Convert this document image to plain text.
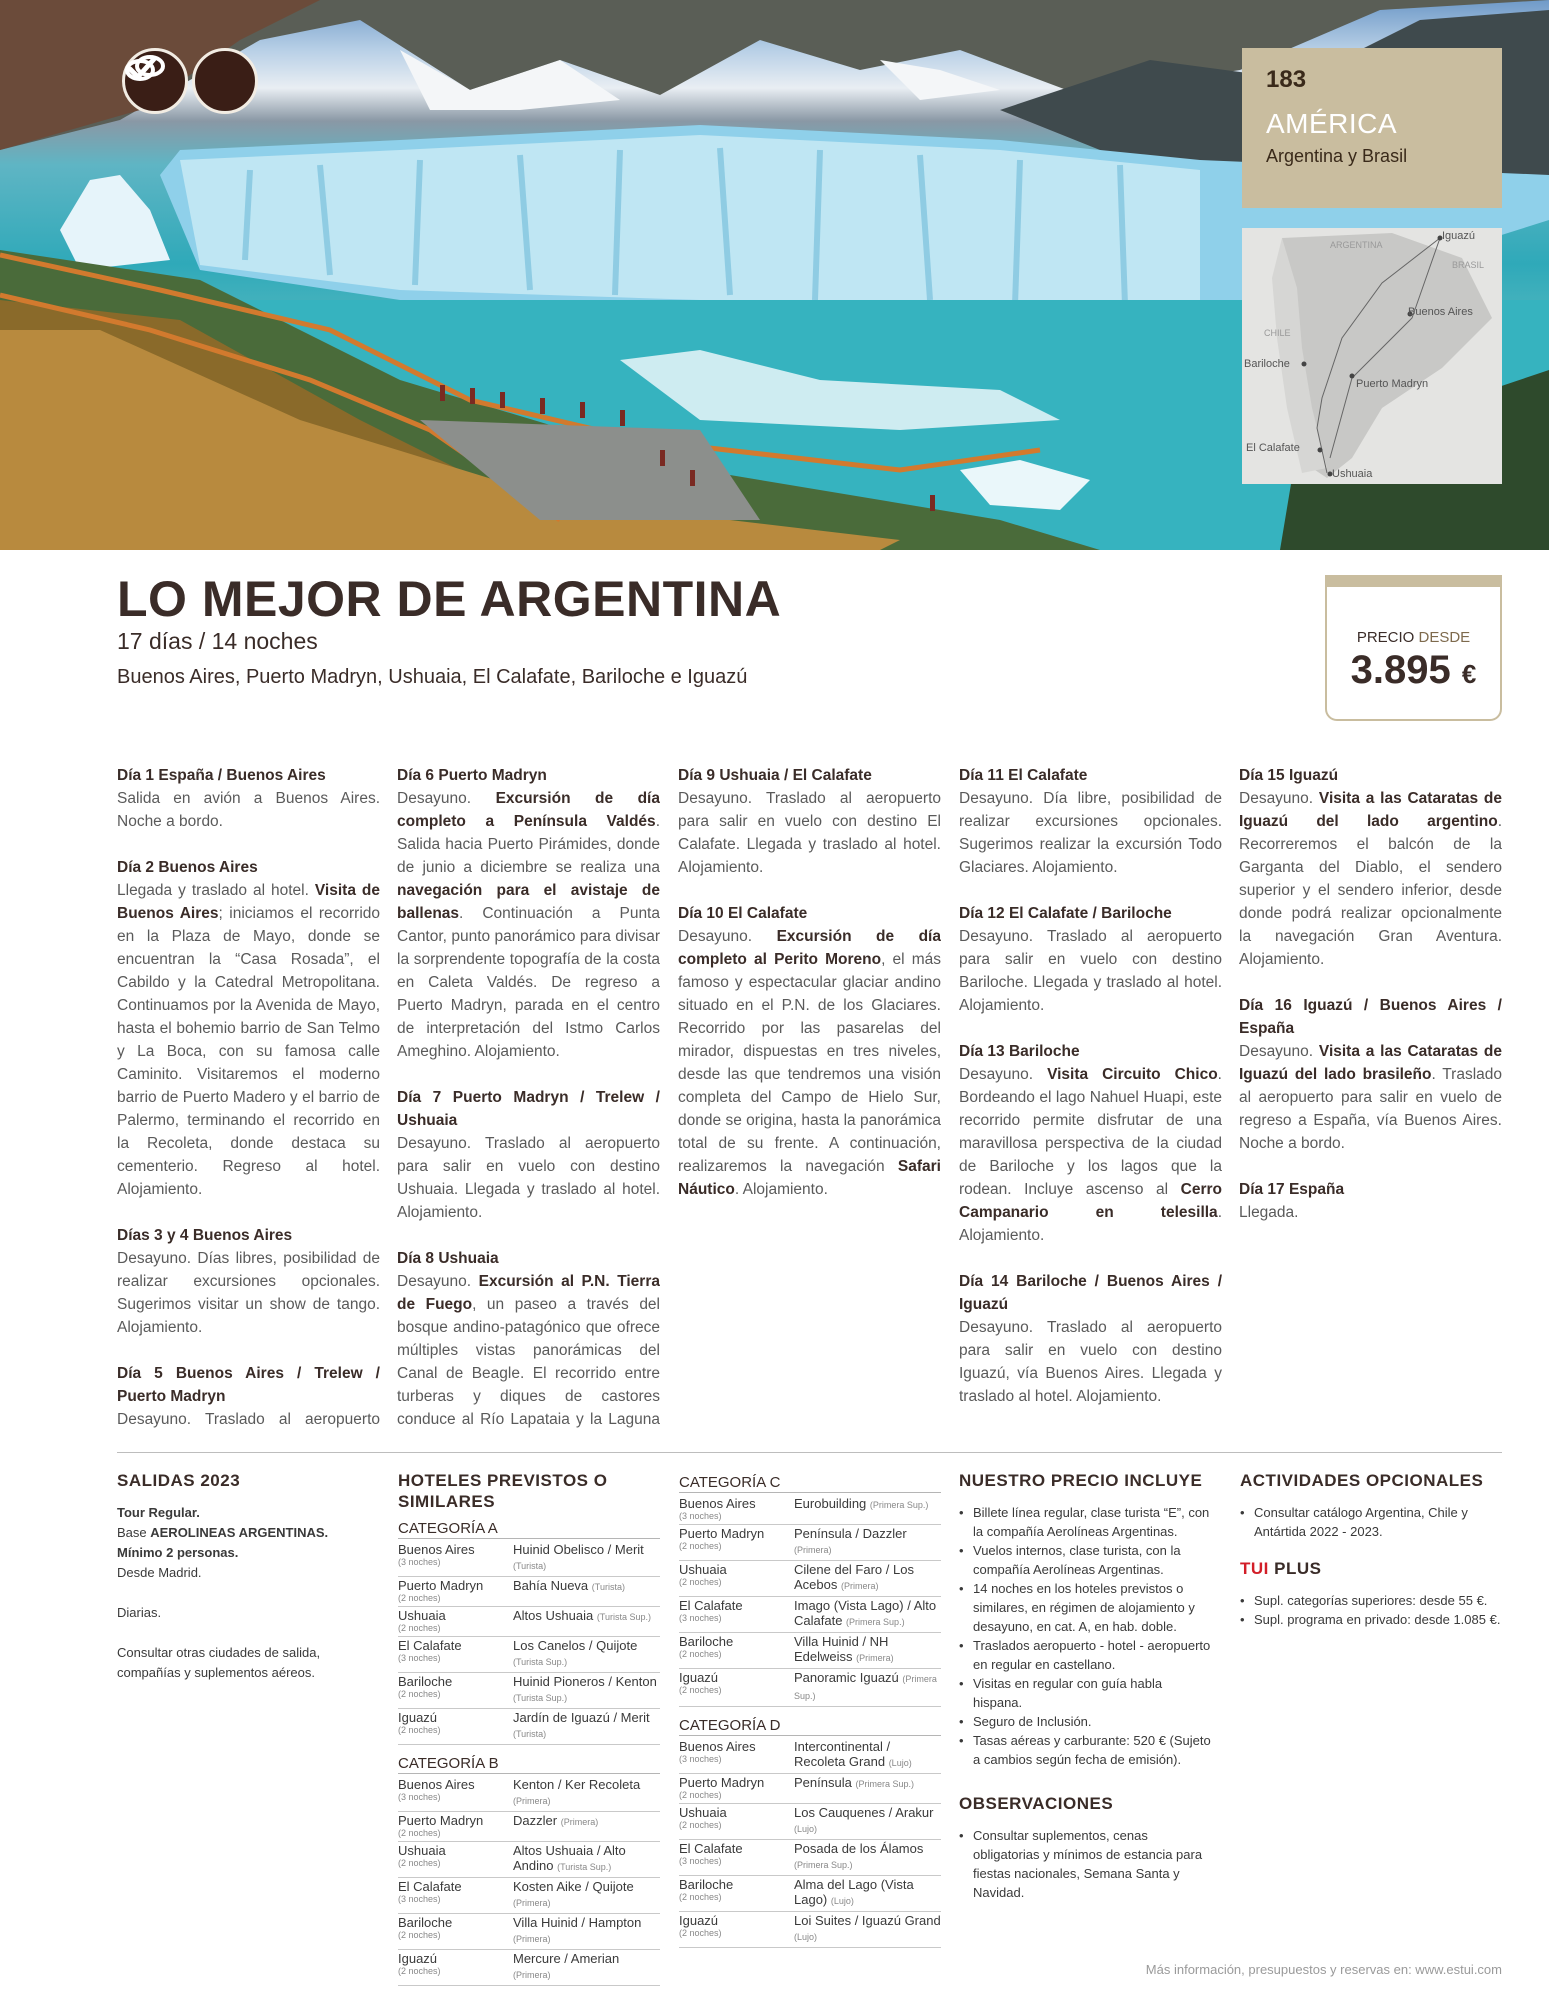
183
AMÉRICA
Argentina y Brasil
ARGENTINA
BRASIL
CHILE
Iguazú
Buenos Aires
Bariloche
Puerto Madryn
El Calafate
Ushuaia
LO MEJOR DE ARGENTINA
17 días / 14 noches
Buenos Aires, Puerto Madryn, Ushuaia, El Calafate, Bariloche e Iguazú
PRECIO DESDE
3.895 €

Día 1 España / Buenos Aires
Salida en avión a Buenos Aires. Noche a bordo.

Día 2 Buenos Aires
Llegada y traslado al hotel. Visita de Buenos Aires; iniciamos el recorrido en la Plaza de Mayo, donde se encuentran la “Casa Rosada”, el Cabildo y la Catedral Metropolitana. Continuamos por la Avenida de Mayo, hasta el bohemio barrio de San Telmo y La Boca, con su famosa calle Caminito. Visitaremos el moderno barrio de Puerto Madero y el barrio de Palermo, terminando el recorrido en la Recoleta, donde destaca su cementerio. Regreso al hotel. Alojamiento.

Días 3 y 4 Buenos Aires
Desayuno. Días libres, posibilidad de realizar excursiones opcionales. Sugerimos visitar un show de tango. Alojamiento.

Día 5 Buenos Aires / Trelew / Puerto Madryn
Desayuno. Traslado al aeropuerto

Día 6 Puerto Madryn
Desayuno. Excursión de día completo a Península Valdés. Salida hacia Puerto Pirámides, donde de junio a diciembre se realiza una navegación para el avistaje de ballenas. Continuación a Punta Cantor, punto panorámico para divisar la sorprendente topografía de la costa en Caleta Valdés. De regreso a Puerto Madryn, parada en el centro de interpretación del Istmo Carlos Ameghino. Alojamiento.

Día 7 Puerto Madryn / Trelew / Ushuaia
Desayuno. Traslado al aeropuerto para salir en vuelo con destino Ushuaia. Llegada y traslado al hotel. Alojamiento.

Día 8 Ushuaia
Desayuno. Excursión al P.N. Tierra de Fuego, un paseo a través del bosque andino-patagónico que ofrece múltiples vistas panorámicas del Canal de Beagle. El recorrido entre turberas y diques de castores conduce al Río Lapataia y la Laguna

Día 9 Ushuaia / El Calafate
Desayuno. Traslado al aeropuerto para salir en vuelo con destino El Calafate. Llegada y traslado al hotel. Alojamiento.

Día 10 El Calafate
Desayuno. Excursión de día completo al Perito Moreno, el más famoso y espectacular glaciar andino situado en el P.N. de los Glaciares. Recorrido por las pasarelas del mirador, dispuestas en tres niveles, desde las que tendremos una visión completa del Campo de Hielo Sur, donde se origina, hasta la panorámica total de su frente. A continuación, realizaremos la navegación Safari Náutico. Alojamiento.

Día 11 El Calafate
Desayuno. Día libre, posibilidad de realizar excursiones opcionales. Sugerimos realizar la excursión Todo Glaciares. Alojamiento.

Día 12 El Calafate / Bariloche
Desayuno. Traslado al aeropuerto para salir en vuelo con destino Bariloche. Llegada y traslado al hotel. Alojamiento.

Día 13 Bariloche
Desayuno. Visita Circuito Chico. Bordeando el lago Nahuel Huapi, este recorrido permite disfrutar de una maravillosa perspectiva de la ciudad de Bariloche y los lagos que la rodean. Incluye ascenso al Cerro Campanario en telesilla. Alojamiento.

Día 14 Bariloche / Buenos Aires / Iguazú
Desayuno. Traslado al aeropuerto para salir en vuelo con destino Iguazú, vía Buenos Aires. Llegada y traslado al hotel. Alojamiento.

Día 15 Iguazú
Desayuno. Visita a las Cataratas de Iguazú del lado argentino. Recorreremos el balcón de la Garganta del Diablo, el sendero superior y el sendero inferior, desde donde podrá realizar opcionalmente la navegación Gran Aventura. Alojamiento.

Día 16 Iguazú / Buenos Aires / España
Desayuno. Visita a las Cataratas de Iguazú del lado brasileño. Traslado al aeropuerto para salir en vuelo de regreso a España, vía Buenos Aires. Noche a bordo.

Día 17 España
Llegada.

SALIDAS 2023
Tour Regular.
Base AEROLINEAS ARGENTINAS.
Mínimo 2 personas.
Desde Madrid.
Diarias.
Consultar otras ciudades de salida, compañías y suplementos aéreos.
HOTELES PREVISTOS O SIMILARES
CATEGORÍA A
Buenos Aires
(3 noches)
Huinid Obelisco / Merit (Turista)
Puerto Madryn
(2 noches)
Bahía Nueva (Turista)
Ushuaia
(2 noches)
Altos Ushuaia (Turista Sup.)
El Calafate
(3 noches)
Los Canelos / Quijote (Turista Sup.)
Bariloche
(2 noches)
Huinid Pioneros / Kenton (Turista Sup.)
Iguazú
(2 noches)
Jardín de Iguazú / Merit (Turista)
CATEGORÍA B
Buenos Aires
(3 noches)
Kenton / Ker Recoleta (Primera)
Puerto Madryn
(2 noches)
Dazzler (Primera)
Ushuaia
(2 noches)
Altos Ushuaia / Alto Andino (Turista Sup.)
El Calafate
(3 noches)
Kosten Aike / Quijote (Primera)
Bariloche
(2 noches)
Villa Huinid / Hampton (Primera)
Iguazú
(2 noches)
Mercure / Amerian (Primera)
CATEGORÍA C
Buenos Aires
(3 noches)
Eurobuilding (Primera Sup.)
Puerto Madryn
(2 noches)
Península / Dazzler (Primera)
Ushuaia
(2 noches)
Cilene del Faro / Los Acebos (Primera)
El Calafate
(3 noches)
Imago (Vista Lago) / Alto Calafate (Primera Sup.)
Bariloche
(2 noches)
Villa Huinid / NH Edelweiss (Primera)
Iguazú
(2 noches)
Panoramic Iguazú (Primera Sup.)
CATEGORÍA D
Buenos Aires
(3 noches)
Intercontinental / Recoleta Grand (Lujo)
Puerto Madryn
(2 noches)
Península (Primera Sup.)
Ushuaia
(2 noches)
Los Cauquenes / Arakur (Lujo)
El Calafate
(3 noches)
Posada de los Álamos (Primera Sup.)
Bariloche
(2 noches)
Alma del Lago (Vista Lago) (Lujo)
Iguazú
(2 noches)
Loi Suites / Iguazú Grand (Lujo)
NUESTRO PRECIO INCLUYE
• Billete línea regular, clase turista “E”, con la compañía Aerolíneas Argentinas.
• Vuelos internos, clase turista, con la compañía Aerolíneas Argentinas.
• 14 noches en los hoteles previstos o similares, en régimen de alojamiento y desayuno, en cat. A, en hab. doble.
• Traslados aeropuerto - hotel - aeropuerto en regular en castellano.
• Visitas en regular con guía habla hispana.
• Seguro de Inclusión.
• Tasas aéreas y carburante: 520 € (Sujeto a cambios según fecha de emisión).
OBSERVACIONES
• Consultar suplementos, cenas obligatorias y mínimos de estancia para fiestas nacionales, Semana Santa y Navidad.
ACTIVIDADES OPCIONALES
• Consultar catálogo Argentina, Chile y Antártida 2022 - 2023.
TUI PLUS
• Supl. categorías superiores: desde 55 €.
• Supl. programa en privado: desde 1.085 €.
Más información, presupuestos y reservas en: www.estui.com
